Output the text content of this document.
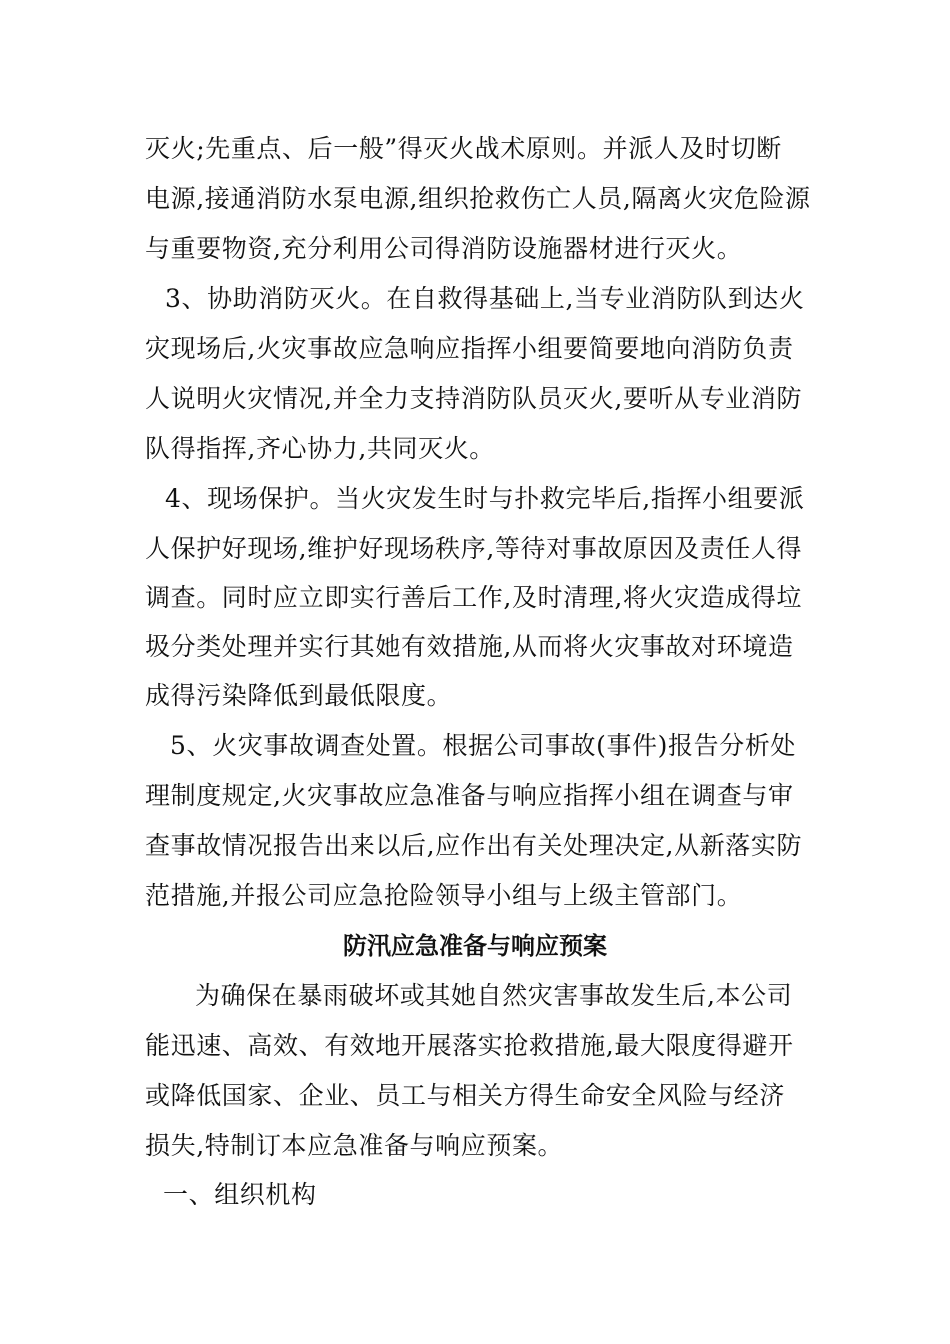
灭火;先重点、后一般”得灭火战术原则。并派人及时切断
电源,接通消防水泵电源,组织抢救伤亡人员,隔离火灾危险源
与重要物资,充分利用公司得消防设施器材进行灭火。
3、协助消防灭火。在自救得基础上,当专业消防队到达火
灾现场后,火灾事故应急响应指挥小组要简要地向消防负责
人说明火灾情况,并全力支持消防队员灭火,要听从专业消防
队得指挥,齐心协力,共同灭火。
4、现场保护。当火灾发生时与扑救完毕后,指挥小组要派
人保护好现场,维护好现场秩序,等待对事故原因及责任人得
调查。同时应立即实行善后工作,及时清理,将火灾造成得垃
圾分类处理并实行其她有效措施,从而将火灾事故对环境造
成得污染降低到最低限度。
5、火灾事故调查处置。根据公司事故(事件)报告分析处
理制度规定,火灾事故应急准备与响应指挥小组在调查与审
查事故情况报告出来以后,应作出有关处理决定,从新落实防
范措施,并报公司应急抢险领导小组与上级主管部门。
防汛应急准备与响应预案
为确保在暴雨破坏或其她自然灾害事故发生后,本公司
能迅速、高效、有效地开展落实抢救措施,最大限度得避开
或降低国家、企业、员工与相关方得生命安全风险与经济
损失,特制订本应急准备与响应预案。
一、组织机构
